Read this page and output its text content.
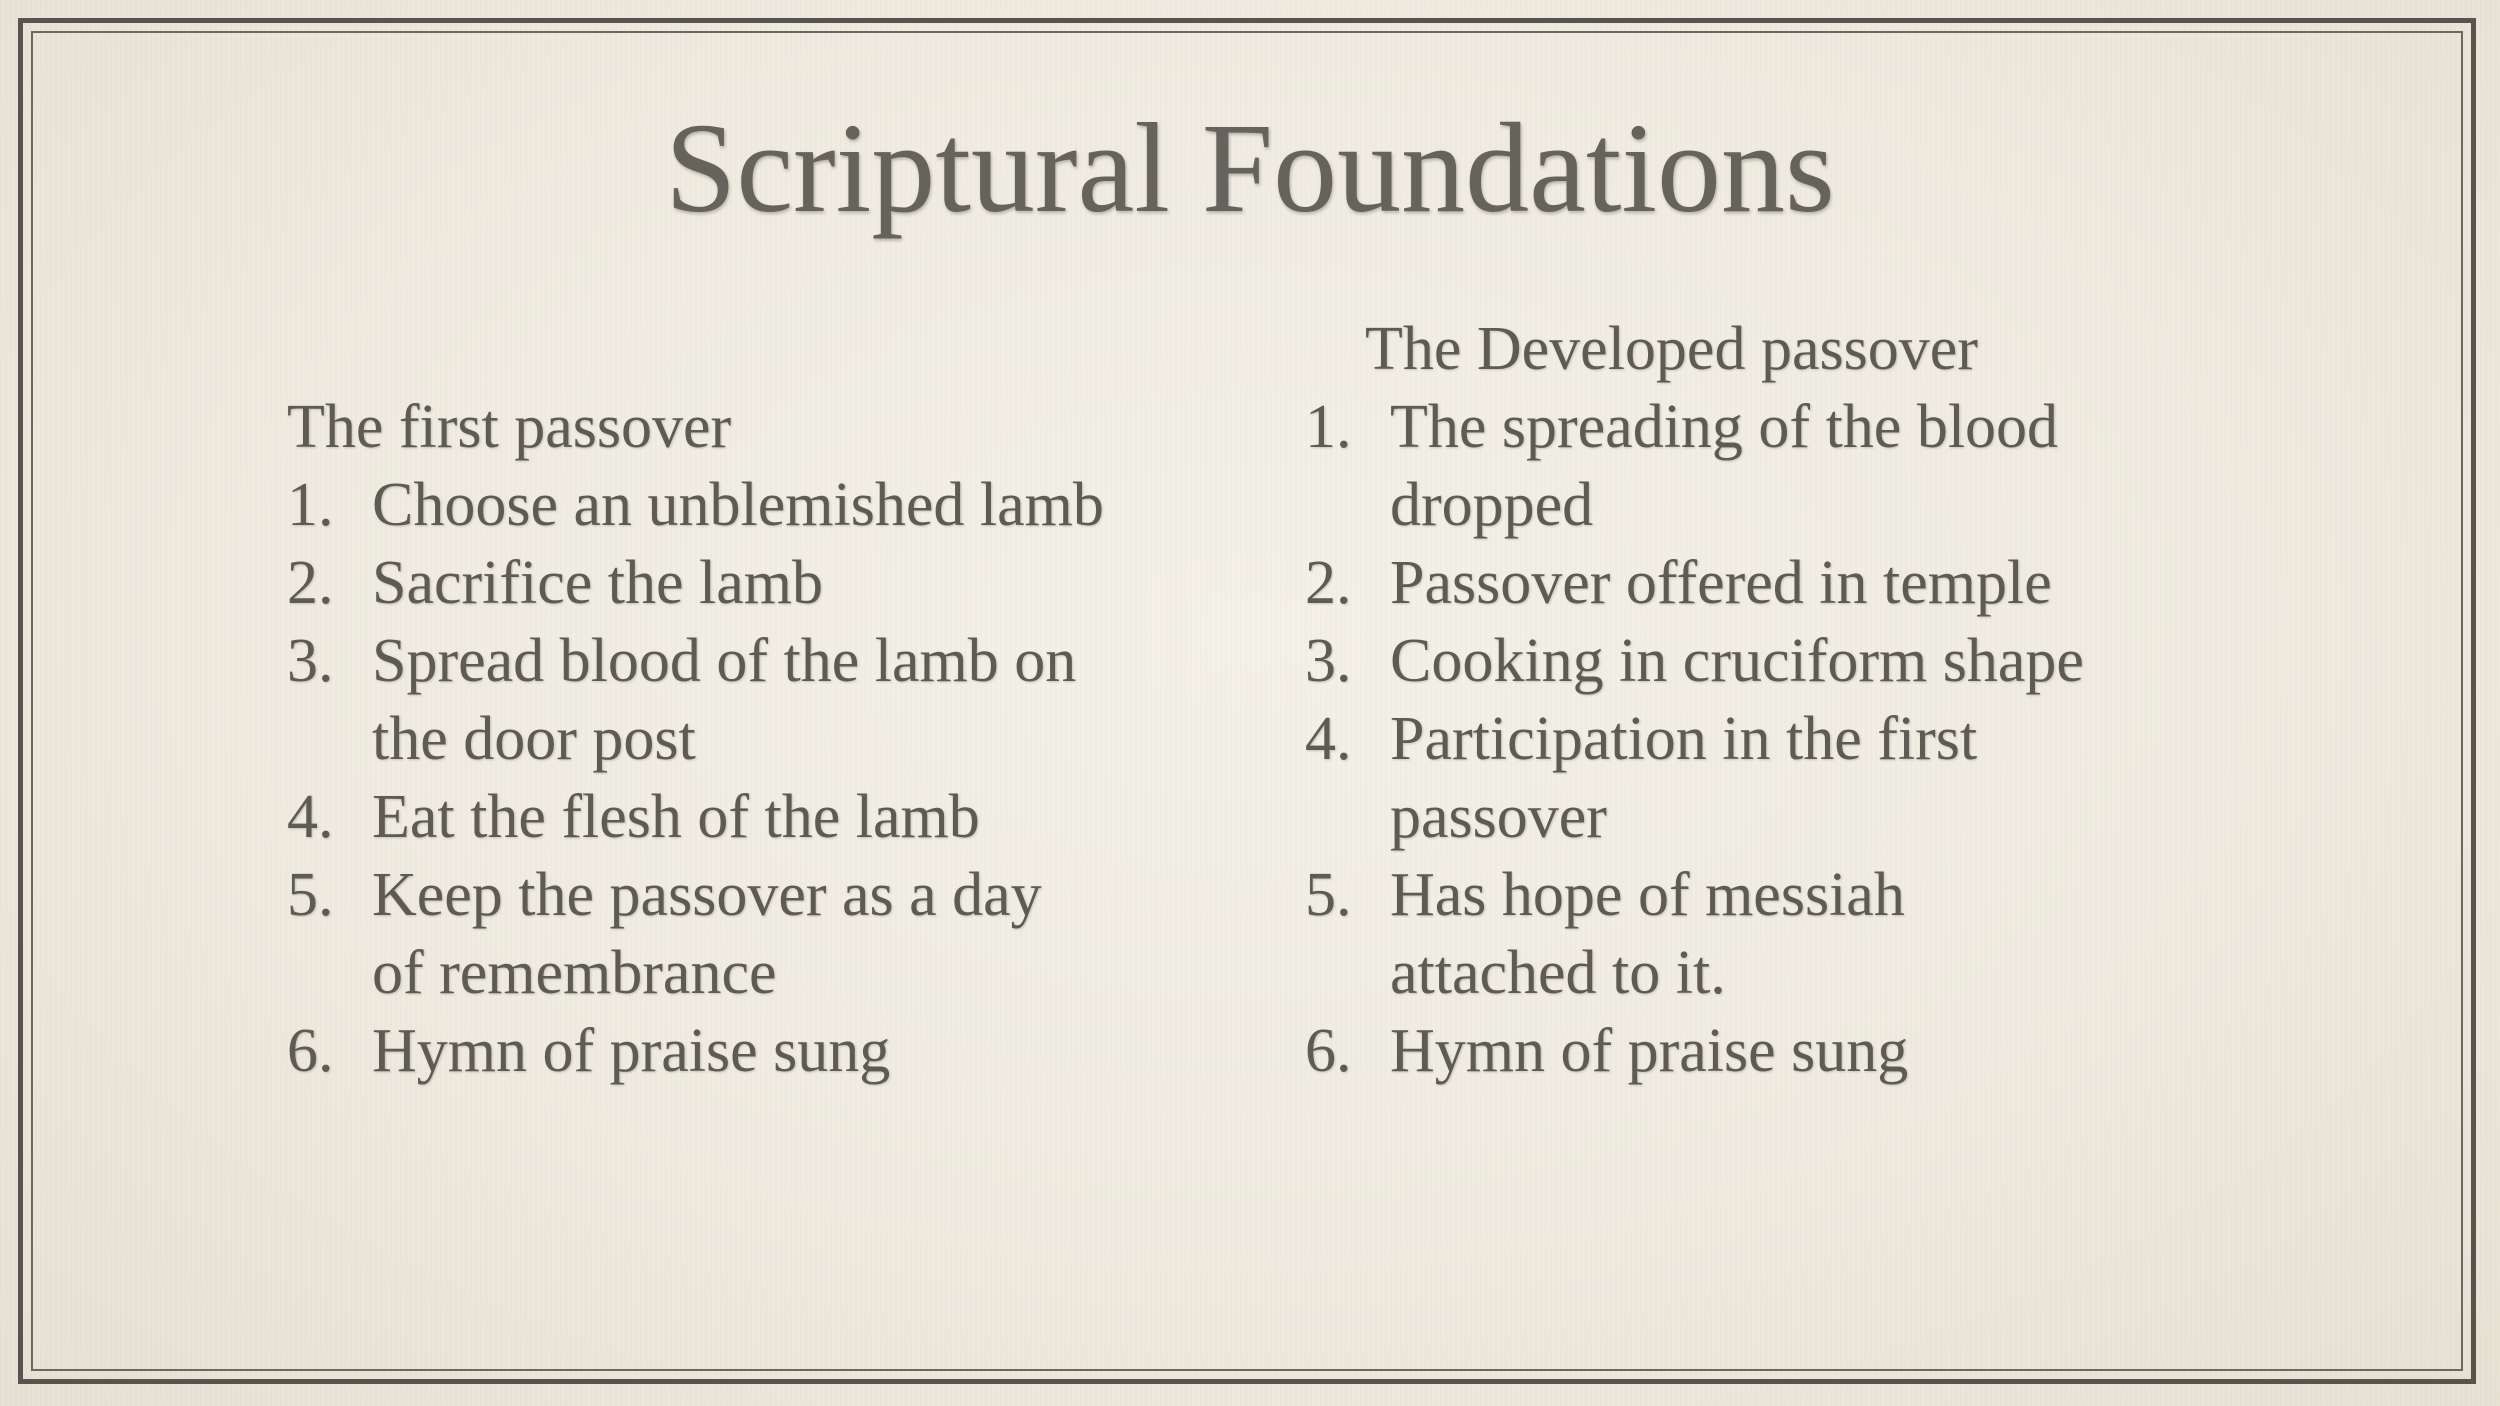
Scriptural Foundations
The first passover
1. Choose an unblemished lamb
2. Sacrifice the lamb
3. Spread blood of the lamb on the door post
4. Eat the flesh of the lamb
5. Keep the passover as a day of remembrance
6. Hymn of praise sung
The Developed passover
1. The spreading of the blood dropped
2. Passover offered in temple
3. Cooking in cruciform shape
4. Participation in the first passover
5. Has hope of messiah attached to it.
6. Hymn of praise sung
